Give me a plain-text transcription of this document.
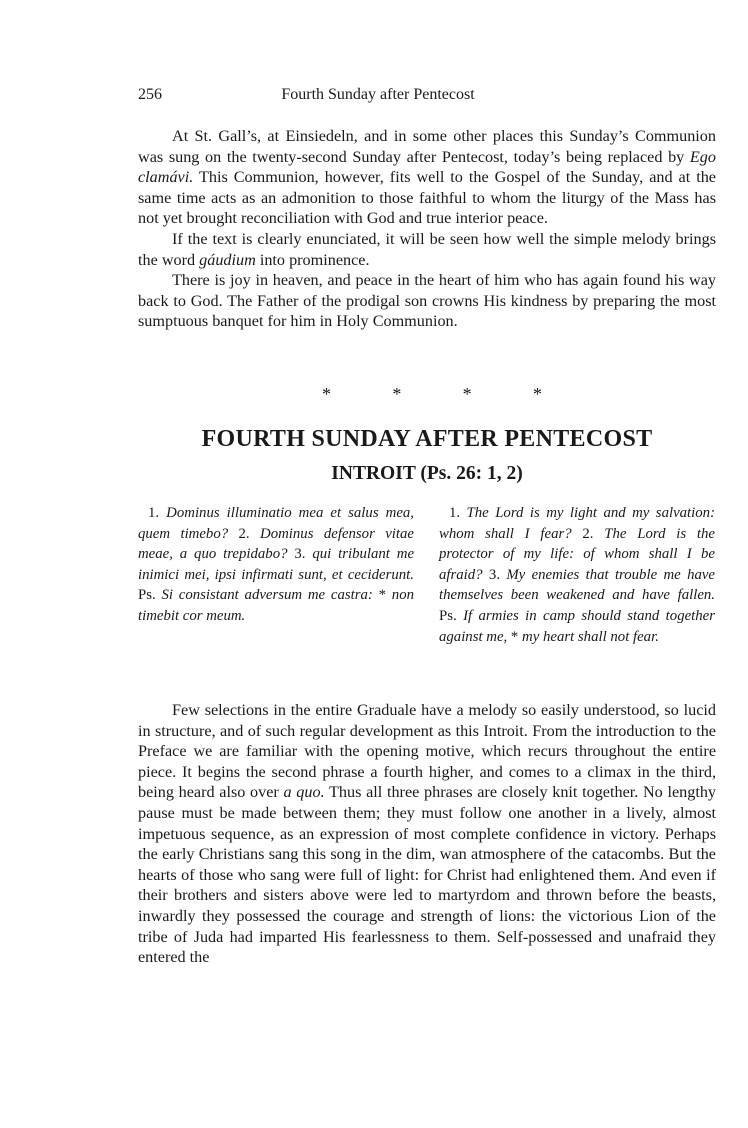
256	Fourth Sunday after Pentecost

At St. Gall’s, at Einsiedeln, and in some other places this Sunday’s Communion was sung on the twenty-second Sunday after Pentecost, today’s being replaced by Ego clamávi. This Communion, however, fits well to the Gospel of the Sunday, and at the same time acts as an admonition to those faithful to whom the liturgy of the Mass has not yet brought reconciliation with God and true interior peace.

If the text is clearly enunciated, it will be seen how well the simple melody brings the word gáudium into prominence.

There is joy in heaven, and peace in the heart of him who has again found his way back to God. The Father of the prodigal son crowns His kindness by preparing the most sumptuous banquet for him in Holy Communion.

*	*	*	*
FOURTH SUNDAY AFTER PENTECOST
INTROIT (Ps. 26: 1, 2)

1. Dominus illuminatio mea et salus mea, quem timebo? 2. Dominus defensor vitae meae, a quo trepidabo? 3. qui tribulant me inimici mei, ipsi infirmati sunt, et ceciderunt. Ps. Si consistant adversum me castra: * non timebit cor meum.

1. The Lord is my light and my salvation: whom shall I fear? 2. The Lord is the protector of my life: of whom shall I be afraid? 3. My enemies that trouble me have themselves been weakened and have fallen. Ps. If armies in camp should stand together against me, * my heart shall not fear.

Few selections in the entire Graduale have a melody so easily understood, so lucid in structure, and of such regular development as this Introit. From the introduction to the Preface we are familiar with the opening motive, which recurs throughout the entire piece. It begins the second phrase a fourth higher, and comes to a climax in the third, being heard also over a quo. Thus all three phrases are closely knit together. No lengthy pause must be made between them; they must follow one another in a lively, almost impetuous sequence, as an expression of most complete confidence in victory. Perhaps the early Christians sang this song in the dim, wan atmosphere of the catacombs. But the hearts of those who sang were full of light: for Christ had enlightened them. And even if their brothers and sisters above were led to martyrdom and thrown before the beasts, inwardly they possessed the courage and strength of lions: the victorious Lion of the tribe of Juda had imparted His fearlessness to them. Self-possessed and unafraid they entered the
